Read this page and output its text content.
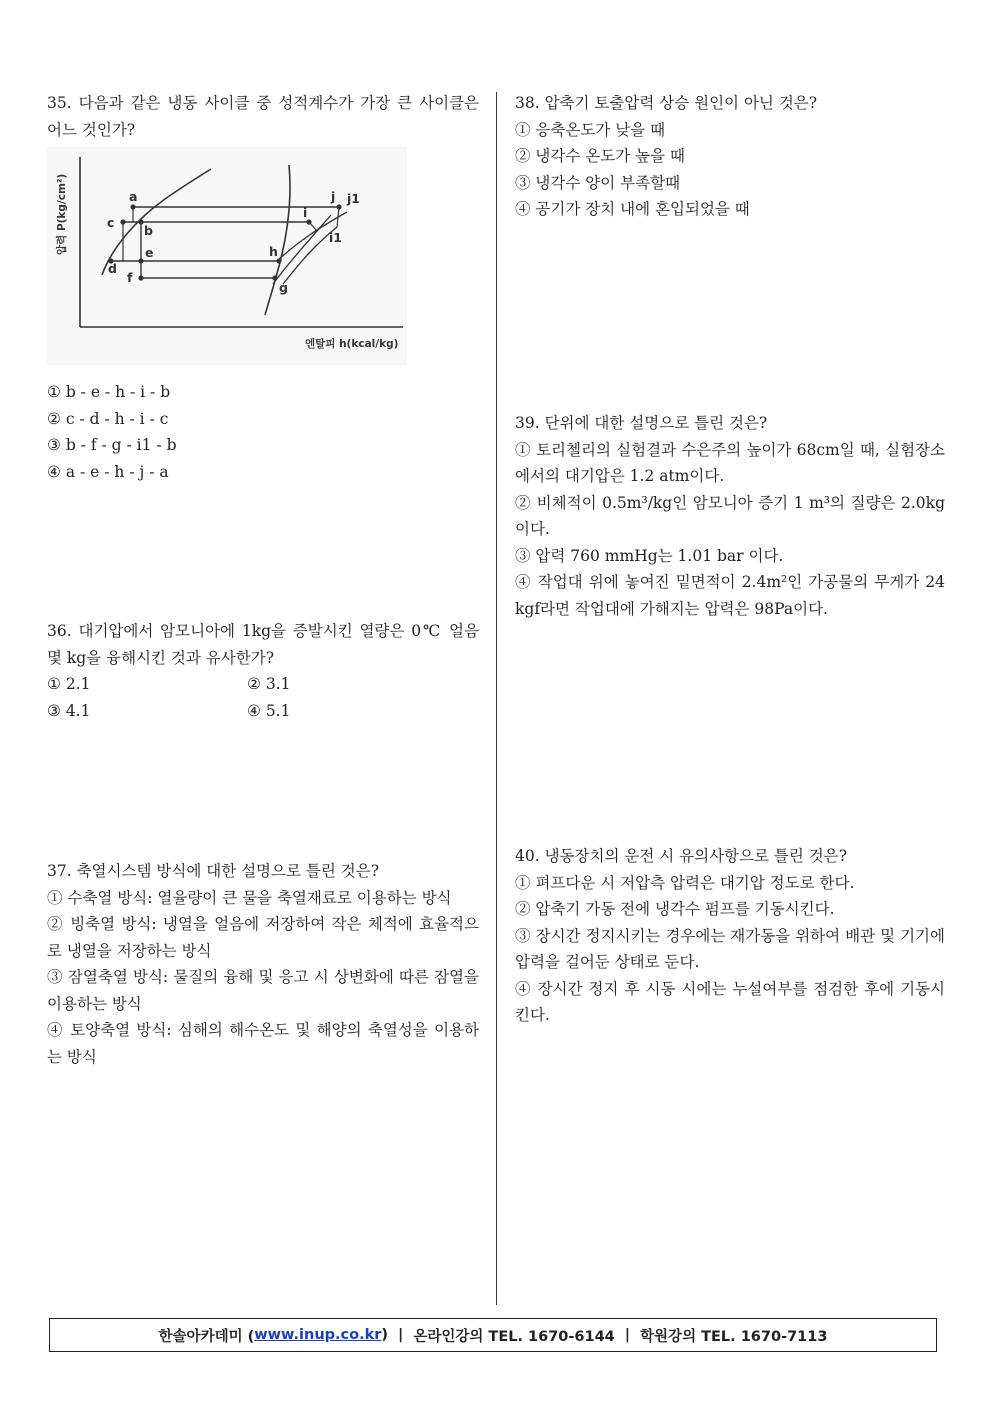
35. 다음과 같은 냉동 사이클 중 성적계수가 가장 큰 사이클은 어느 것인가?

압력 P(kg/cm²)
엔탈피 h(kcal/kg)
a
b
c
d
e
f
g
h
i
i1
j j1

① b - e - h - i - b

② c - d - h - i - c

③ b - f - g - i1 - b

④ a - e - h - j - a

36. 대기압에서 암모니아에 1kg을 증발시킨 열량은 0℃ 얼음 몇 kg을 융해시킨 것과 유사한가?

① 2.1	② 3.1
③ 4.1	④ 5.1

37. 축열시스템 방식에 대한 설명으로 틀린 것은?

① 수축열 방식: 열율량이 큰 물을 축열재료로 이용하는 방식

② 빙축열 방식: 냉열을 얼음에 저장하여 작은 체적에 효율적으로 냉열을 저장하는 방식

③ 잠열축열 방식: 물질의 융해 및 응고 시 상변화에 따른 잠열을 이용하는 방식

④ 토양축열 방식: 심해의 해수온도 및 해양의 축열성을 이용하는 방식

38. 압축기 토출압력 상승 원인이 아닌 것은?

① 응축온도가 낮을 때

② 냉각수 온도가 높을 때

③ 냉각수 양이 부족할때

④ 공기가 장치 내에 혼입되었을 때

39. 단위에 대한 설명으로 틀린 것은?

① 토리첼리의 실험결과 수은주의 높이가 68cm일 때, 실험장소에서의 대기압은 1.2 atm이다.

② 비체적이 0.5m³/kg인 암모니아 증기 1 m³의 질량은 2.0kg이다.

③ 압력 760 mmHg는 1.01 bar 이다.

④ 작업대 위에 놓여진 밑면적이 2.4m²인 가공물의 무게가 24 kgf라면 작업대에 가해지는 압력은 98Pa이다.

40. 냉동장치의 운전 시 유의사항으로 틀린 것은?

① 펴프다운 시 저압측 압력은 대기압 정도로 한다.

② 압축기 가동 전에 냉각수 펌프를 기동시킨다.

③ 장시간 정지시키는 경우에는 재가동을 위하여 배관 및 기기에 압력을 걸어둔 상태로 둔다.

④ 장시간 정지 후 시동 시에는 누설여부를 점검한 후에 기동시킨다.

한솔아카데미 ( www.inup.co.kr ) | 온라인강의 TEL. 1670-6144 | 학원강의 TEL. 1670-7113
